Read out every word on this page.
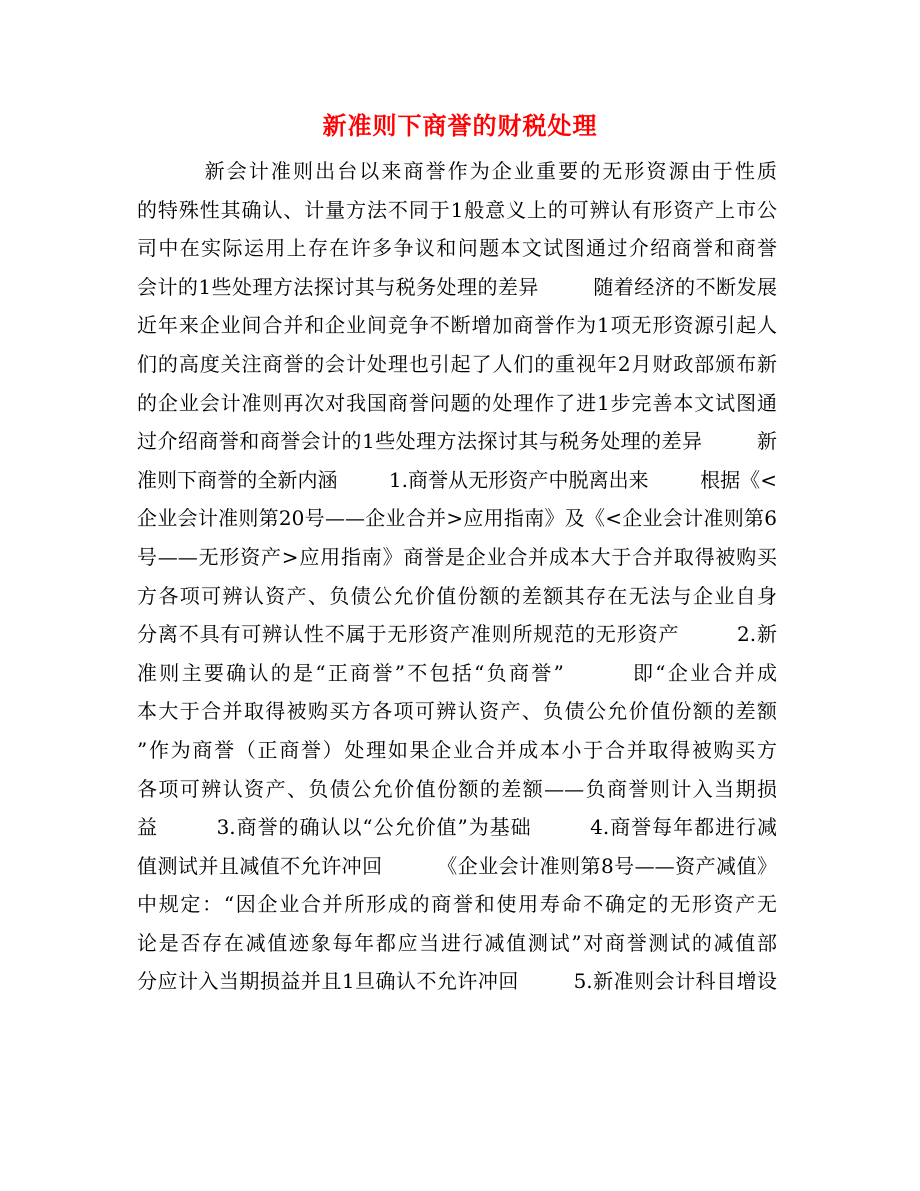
新准则下商誉的财税处理
新会计准则出台以来商誉作为企业重要的无形资源由于性质
的特殊性其确认、计量方法不同于1般意义上的可辨认有形资产上市公
司中在实际运用上存在许多争议和问题本文试图通过介绍商誉和商誉
会计的1些处理方法探讨其与税务处理的差异        随着经济的不断发展
近年来企业间合并和企业间竞争不断增加商誉作为1项无形资源引起人
们的高度关注商誉的会计处理也引起了人们的重视年2月财政部颁布新
的企业会计准则再次对我国商誉问题的处理作了进1步完善本文试图通
过介绍商誉和商誉会计的1些处理方法探讨其与税务处理的差异        新
准则下商誉的全新内涵        1.商誉从无形资产中脱离出来        根据《<
企业会计准则第20号——企业合并>应用指南》及《<企业会计准则第6
号——无形资产>应用指南》商誉是企业合并成本大于合并取得被购买
方各项可辨认资产、负债公允价值份额的差额其存在无法与企业自身
分离不具有可辨认性不属于无形资产准则所规范的无形资产        2.新
准则主要确认的是“正商誉”不包括“负商誉”        即“企业合并成
本大于合并取得被购买方各项可辨认资产、负债公允价值份额的差额
”作为商誉（正商誉）处理如果企业合并成本小于合并取得被购买方
各项可辨认资产、负债公允价值份额的差额——负商誉则计入当期损
益        3.商誉的确认以“公允价值”为基础        4.商誉每年都进行减
值测试并且减值不允许冲回        《企业会计准则第8号——资产减值》
中规定：“因企业合并所形成的商誉和使用寿命不确定的无形资产无
论是否存在减值迹象每年都应当进行减值测试”对商誉测试的减值部
分应计入当期损益并且1旦确认不允许冲回        5.新准则会计科目增设
